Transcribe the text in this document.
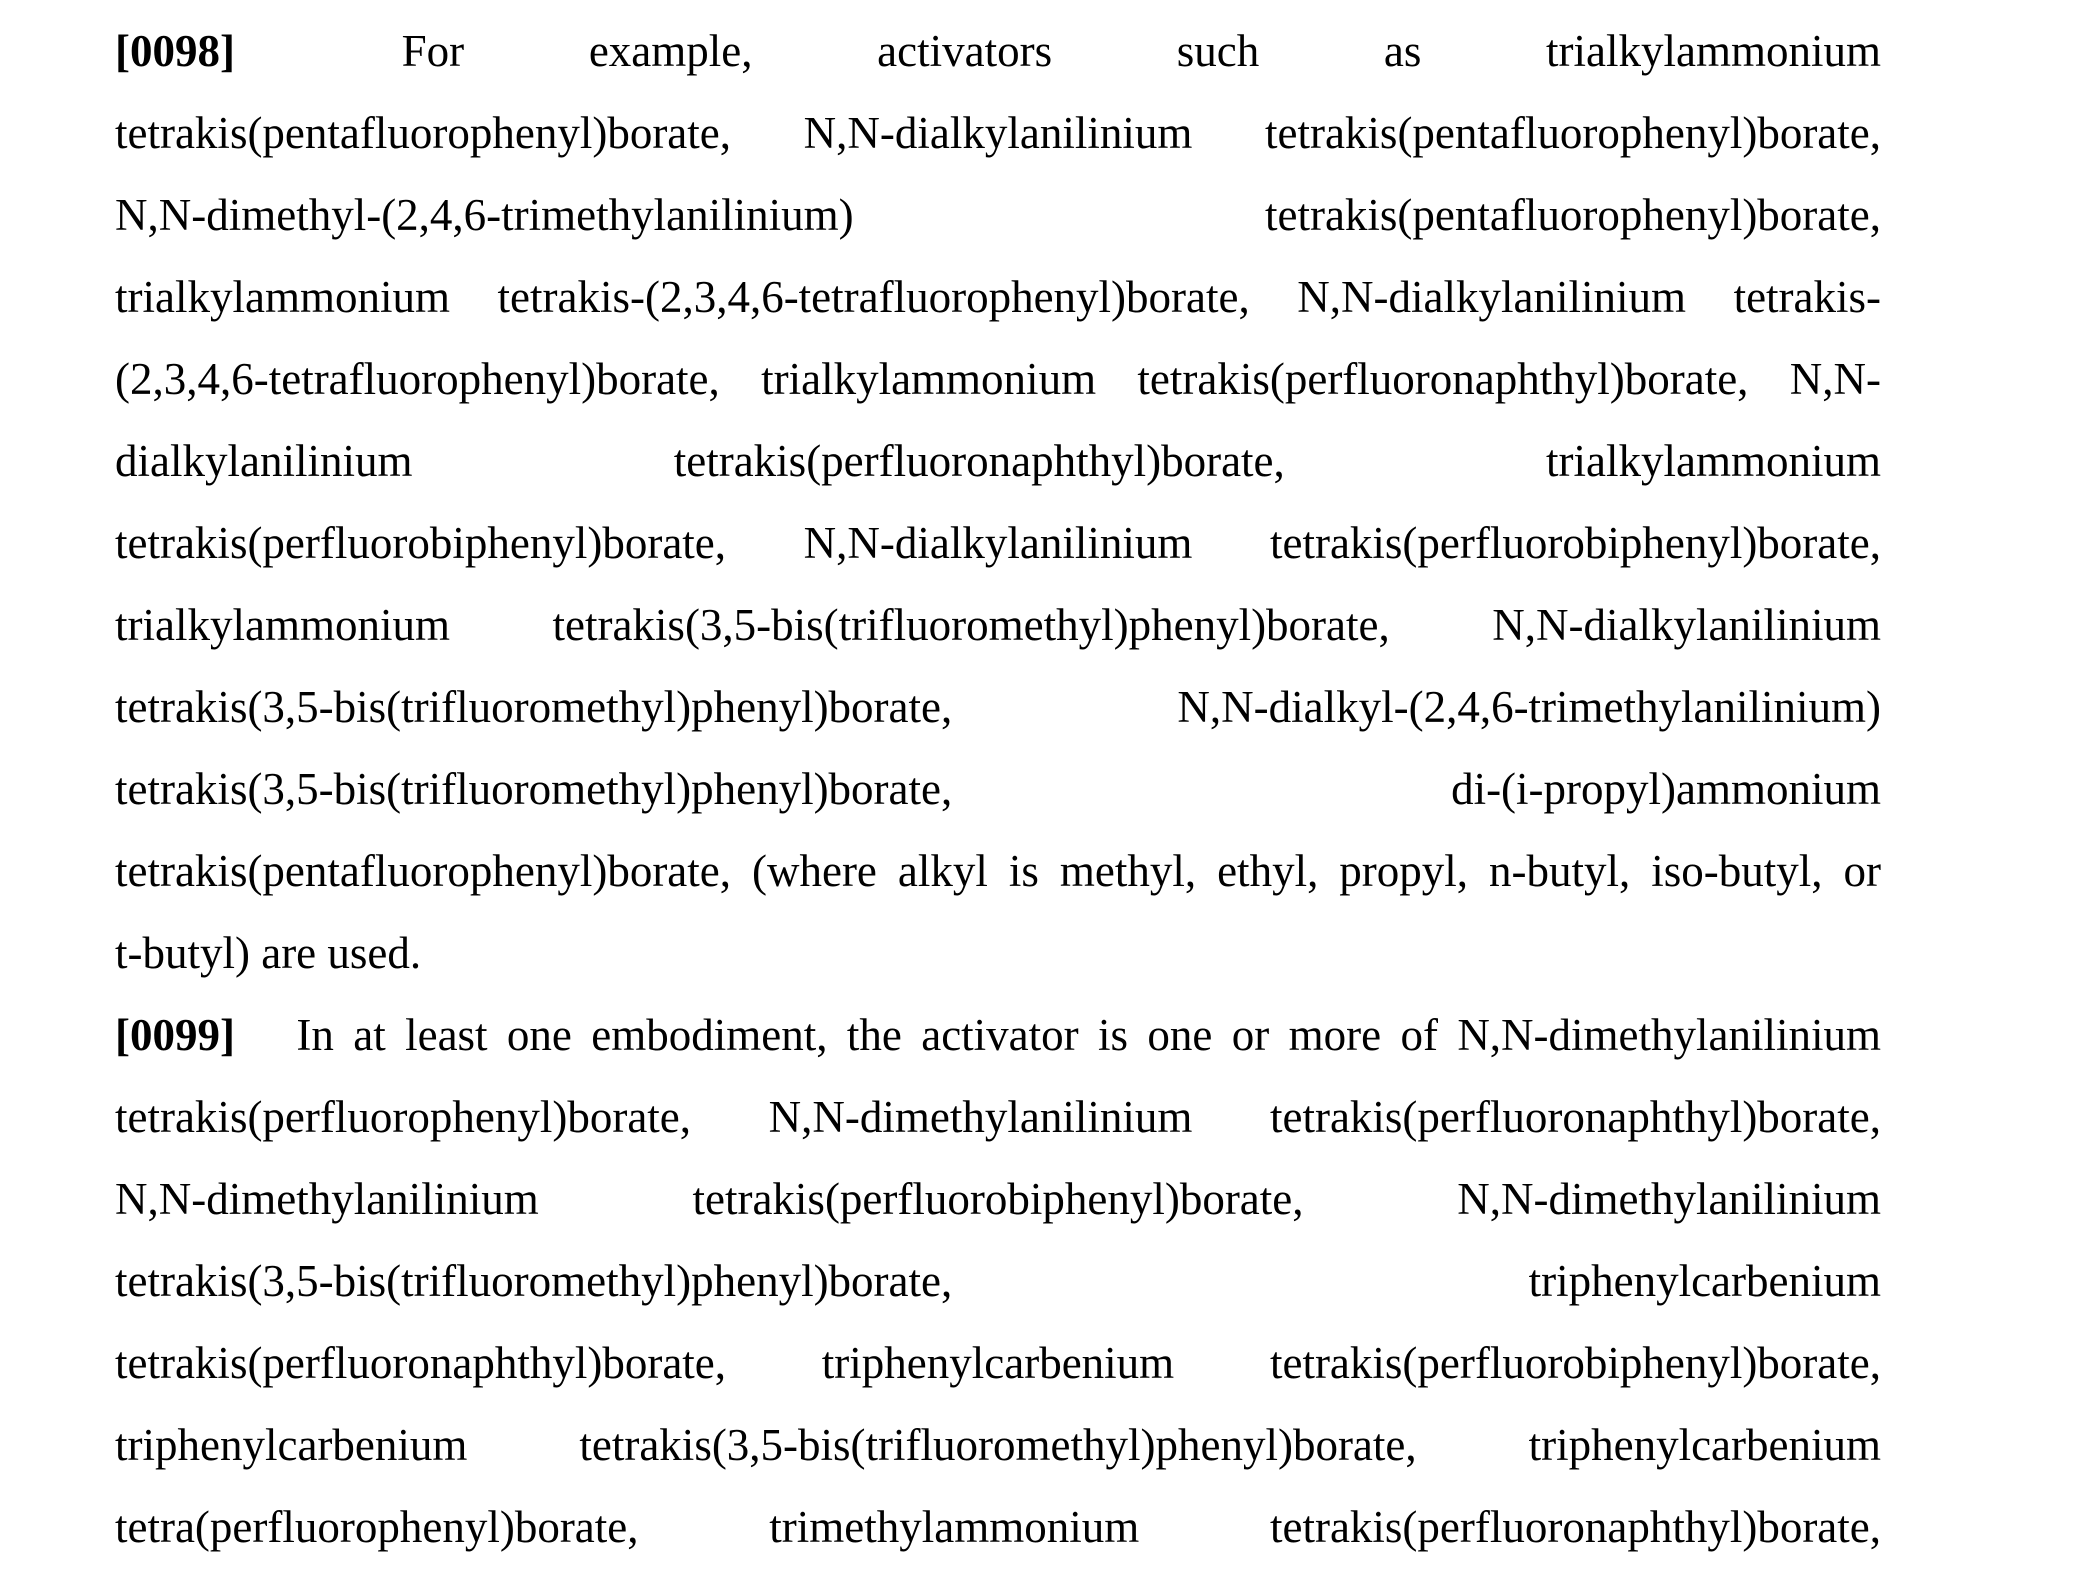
[0098]	For example, activators such as trialkylammonium
tetrakis(pentafluorophenyl)borate, N,N-dialkylanilinium tetrakis(pentafluorophenyl)borate,
N,N-dimethyl-(2,4,6-trimethylanilinium) tetrakis(pentafluorophenyl)borate,
trialkylammonium tetrakis-(2,3,4,6-tetrafluorophenyl)borate, N,N-dialkylanilinium tetrakis-
(2,3,4,6-tetrafluorophenyl)borate, trialkylammonium tetrakis(perfluoronaphthyl)borate, N,N-
dialkylanilinium tetrakis(perfluoronaphthyl)borate, trialkylammonium
tetrakis(perfluorobiphenyl)borate, N,N-dialkylanilinium tetrakis(perfluorobiphenyl)borate,
trialkylammonium tetrakis(3,5-bis(trifluoromethyl)phenyl)borate, N,N-dialkylanilinium
tetrakis(3,5-bis(trifluoromethyl)phenyl)borate, N,N-dialkyl-(2,4,6-trimethylanilinium)
tetrakis(3,5-bis(trifluoromethyl)phenyl)borate, di-(i-propyl)ammonium
tetrakis(pentafluorophenyl)borate, (where alkyl is methyl, ethyl, propyl, n-butyl, iso-butyl, or
t-butyl) are used.
[0099] In at least one embodiment, the activator is one or more of N,N-dimethylanilinium
tetrakis(perfluorophenyl)borate, N,N-dimethylanilinium tetrakis(perfluoronaphthyl)borate,
N,N-dimethylanilinium tetrakis(perfluorobiphenyl)borate, N,N-dimethylanilinium
tetrakis(3,5-bis(trifluoromethyl)phenyl)borate, triphenylcarbenium
tetrakis(perfluoronaphthyl)borate, triphenylcarbenium tetrakis(perfluorobiphenyl)borate,
triphenylcarbenium tetrakis(3,5-bis(trifluoromethyl)phenyl)borate, triphenylcarbenium
tetra(perfluorophenyl)borate, trimethylammonium tetrakis(perfluoronaphthyl)borate,
